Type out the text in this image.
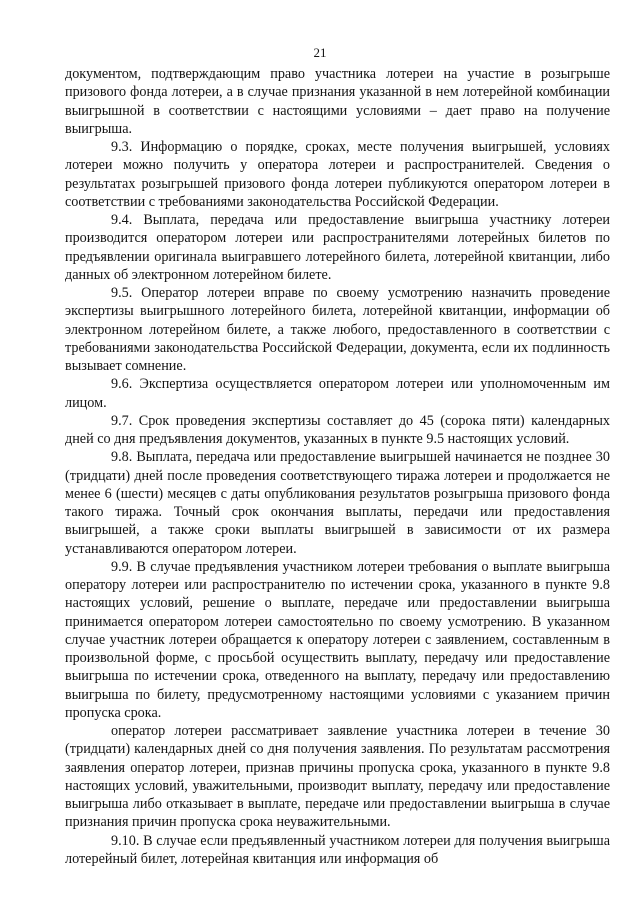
21

документом, подтверждающим право участника лотереи на участие в розыгрыше призового фонда лотереи, а в случае признания указанной в нем лотерейной комбинации выигрышной в соответствии с настоящими условиями – дает право на получение выигрыша.

9.3. Информацию о порядке, сроках, месте получения выигрышей, условиях лотереи можно получить у оператора лотереи и распространителей. Сведения о результатах розыгрышей призового фонда лотереи публикуются оператором лотереи в соответствии с требованиями законодательства Российской Федерации.

9.4. Выплата, передача или предоставление выигрыша участнику лотереи производится оператором лотереи или распространителями лотерейных билетов по предъявлении оригинала выигравшего лотерейного билета, лотерейной квитанции, либо данных об электронном лотерейном билете.

9.5. Оператор лотереи вправе по своему усмотрению назначить проведение экспертизы выигрышного лотерейного билета, лотерейной квитанции, информации об электронном лотерейном билете, а также любого, предоставленного в соответствии с требованиями законодательства Российской Федерации, документа, если их подлинность вызывает сомнение.

9.6. Экспертиза осуществляется оператором лотереи или уполномоченным им лицом.

9.7. Срок проведения экспертизы составляет до 45 (сорока пяти) календарных дней со дня предъявления документов, указанных в пункте 9.5 настоящих условий.

9.8. Выплата, передача или предоставление выигрышей начинается не позднее 30 (тридцати) дней после проведения соответствующего тиража лотереи и продолжается не менее 6 (шести) месяцев с даты опубликования результатов розыгрыша призового фонда такого тиража. Точный срок окончания выплаты, передачи или предоставления выигрышей, а также сроки выплаты выигрышей в зависимости от их размера устанавливаются оператором лотереи.

9.9. В случае предъявления участником лотереи требования о выплате выигрыша оператору лотереи или распространителю по истечении срока, указанного в пункте 9.8 настоящих условий, решение о выплате, передаче или предоставлении выигрыша принимается оператором лотереи самостоятельно по своему усмотрению. В указанном случае участник лотереи обращается к оператору лотереи с заявлением, составленным в произвольной форме, с просьбой осуществить выплату, передачу или предоставление выигрыша по истечении срока, отведенного на выплату, передачу или предоставлению выигрыша по билету, предусмотренному настоящими условиями с указанием причин пропуска срока.

оператор лотереи рассматривает заявление участника лотереи в течение 30 (тридцати) календарных дней со дня получения заявления. По результатам рассмотрения заявления оператор лотереи, признав причины пропуска срока, указанного в пункте 9.8 настоящих условий, уважительными, производит выплату, передачу или предоставление выигрыша либо отказывает в выплате, передаче или предоставлении выигрыша в случае признания причин пропуска срока неуважительными.

9.10. В случае если предъявленный участником лотереи для получения выигрыша лотерейный билет, лотерейная квитанция или информация об
